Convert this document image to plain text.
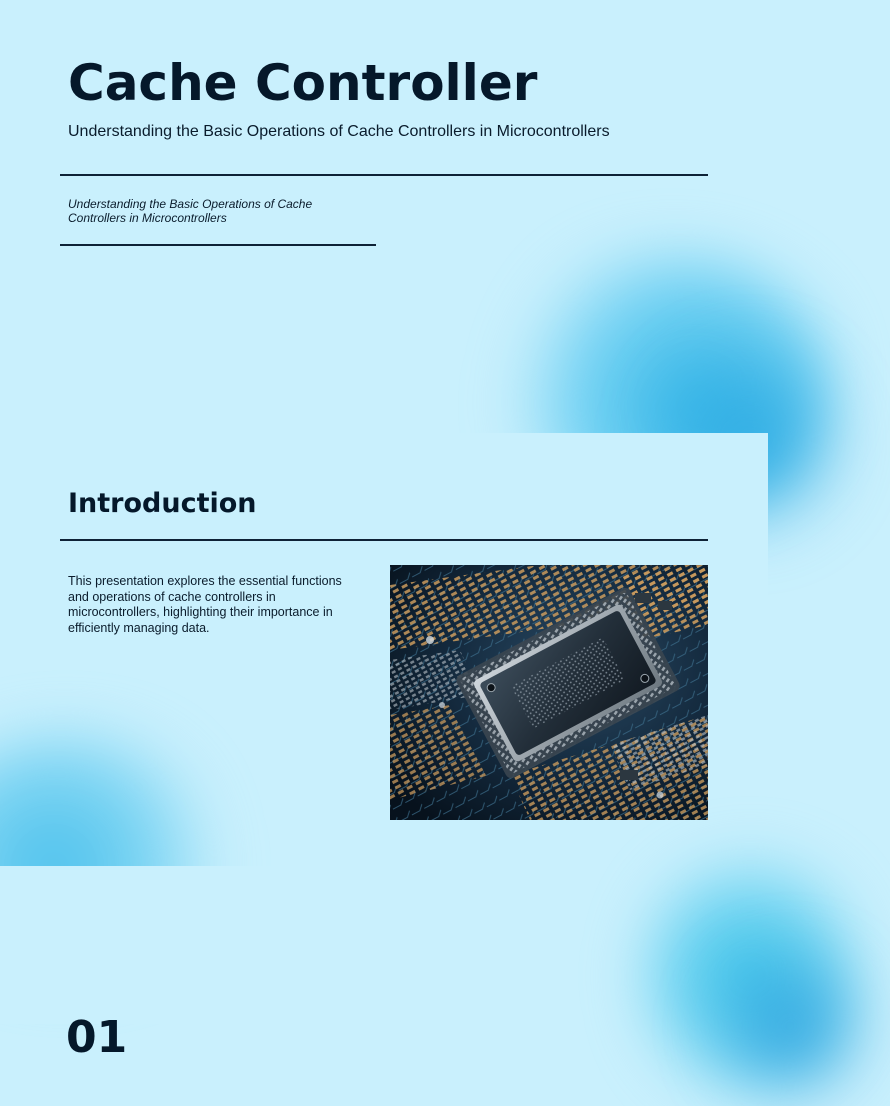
Cache Controller

Understanding the Basic Operations of Cache Controllers in Microcontrollers

Understanding the Basic Operations of Cache Controllers in Microcontrollers

Introduction

This presentation explores the essential functions and operations of cache controllers in microcontrollers, highlighting their importance in efficiently managing data.

01
